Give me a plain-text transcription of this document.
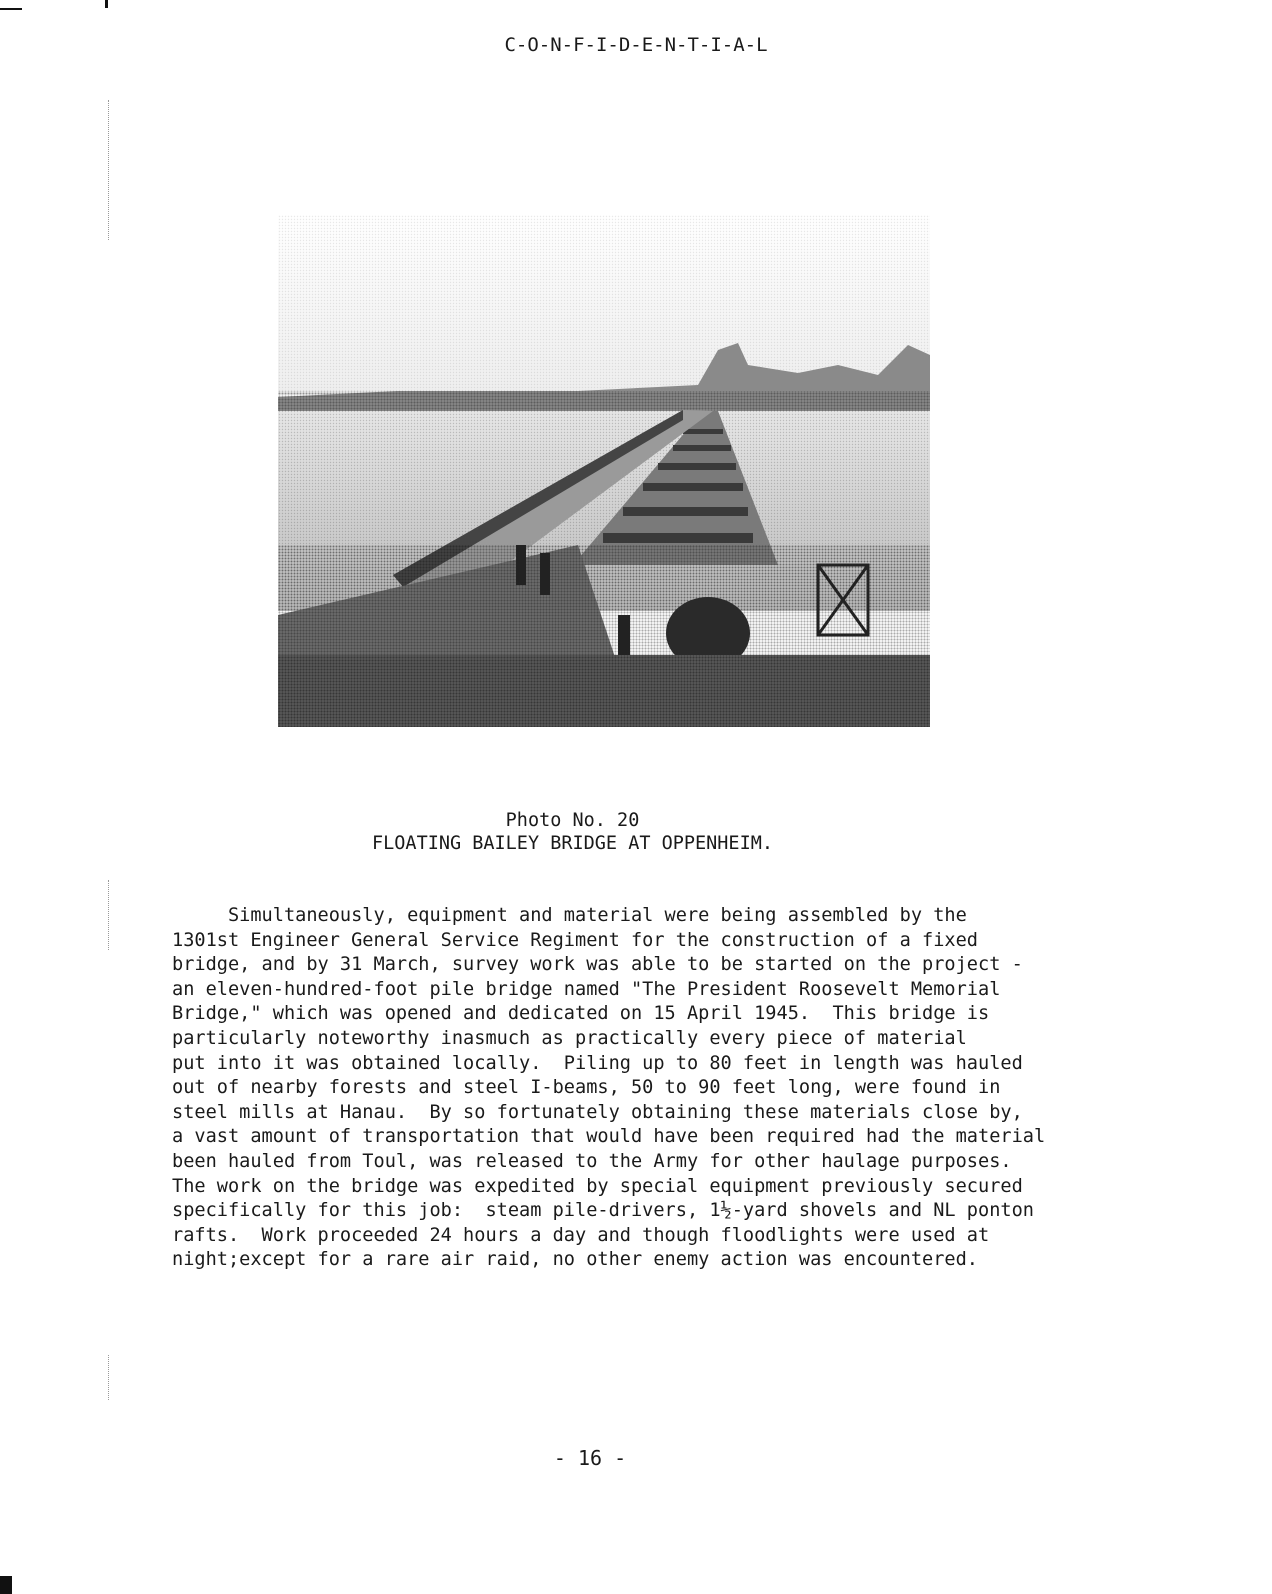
C-O-N-F-I-D-E-N-T-I-A-L
Photo No. 20
FLOATING BAILEY BRIDGE AT OPPENHEIM.
Simultaneously, equipment and material were being assembled by the
1301st Engineer General Service Regiment for the construction of a fixed
bridge, and by 31 March, survey work was able to be started on the project -
an eleven-hundred-foot pile bridge named "The President Roosevelt Memorial
Bridge," which was opened and dedicated on 15 April 1945.  This bridge is
particularly noteworthy inasmuch as practically every piece of material
put into it was obtained locally.  Piling up to 80 feet in length was hauled
out of nearby forests and steel I-beams, 50 to 90 feet long, were found in
steel mills at Hanau.  By so fortunately obtaining these materials close by,
a vast amount of transportation that would have been required had the material
been hauled from Toul, was released to the Army for other haulage purposes.
The work on the bridge was expedited by special equipment previously secured
specifically for this job:  steam pile-drivers, 1½-yard shovels and NL ponton
rafts.  Work proceeded 24 hours a day and though floodlights were used at
night;except for a rare air raid, no other enemy action was encountered.
- 16 -
